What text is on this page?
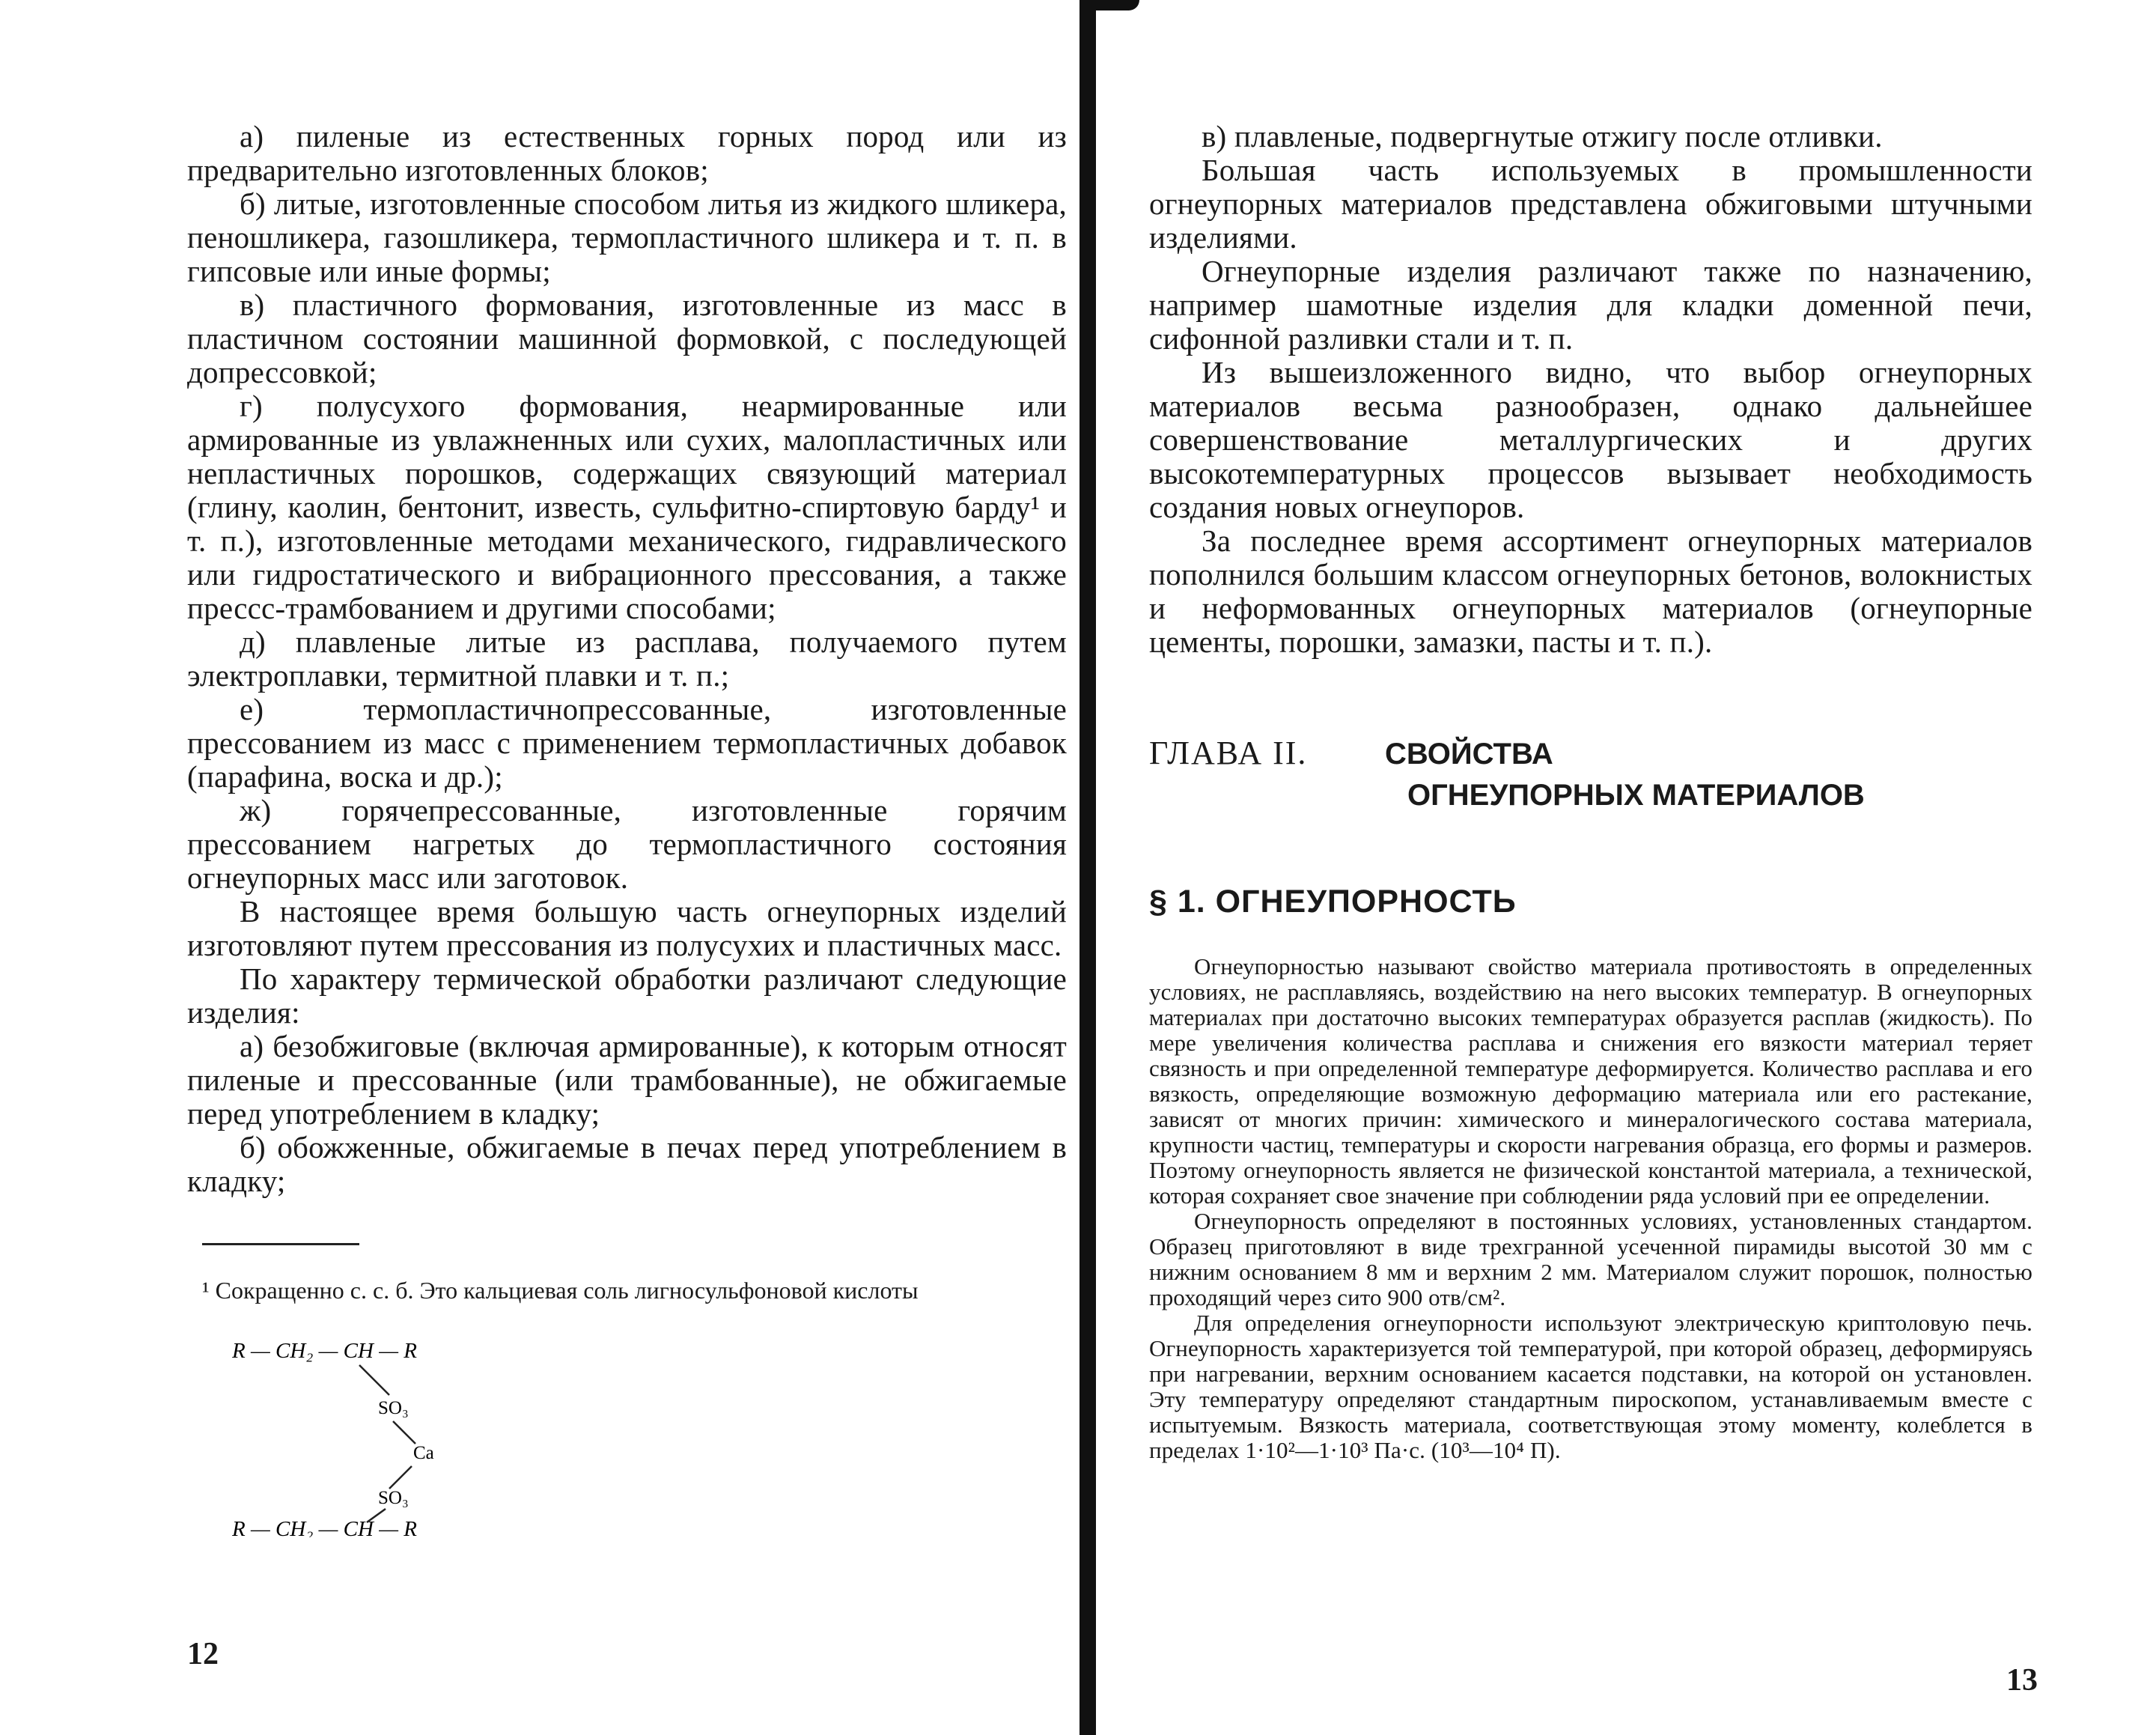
а) пиленые из естественных горных пород или из предварительно изготовленных блоков;

б) литые, изготовленные способом литья из жидкого шликера, пеношликера, газошликера, термопластичного шликера и т. п. в гипсовые или иные формы;

в) пластичного формования, изготовленные из масс в пластичном состоянии машинной формовкой, с последующей допрессовкой;

г) полусухого формования, неармированные или армированные из увлажненных или сухих, малопластичных или непластичных порошков, содержащих связующий материал (глину, каолин, бентонит, известь, сульфитно-спиртовую барду¹ и т. п.), изготовленные методами механического, гидравлического или гидростатического и вибрационного прессования, а также прессс-трамбованием и другими способами;

д) плавленые литые из расплава, получаемого путем электроплавки, термитной плавки и т. п.;

е) термопластичнопрессованные, изготовленные прессованием из масс с применением термопластичных добавок (парафина, воска и др.);

ж) горячепрессованные, изготовленные горячим прессованием нагретых до термопластичного состояния огнеупорных масс или заготовок.

В настоящее время большую часть огнеупорных изделий изготовляют путем прессования из полусухих и пластичных масс.

По характеру термической обработки различают следующие изделия:

а) безобжиговые (включая армированные), к которым относят пиленые и прессованные (или трамбованные), не обжигаемые перед употреблением в кладку;

б) обожженные, обжигаемые в печах перед употреблением в кладку;

¹ Сокращенно с. с. б. Это кальциевая соль лигносульфоновой кислоты

R — CH₂ — CH — R
SO₃
Ca
SO₃
R — CH₂ — CH — R
12

в) плавленые, подвергнутые отжигу после отливки.

Большая часть используемых в промышленности огнеупорных материалов представлена обжиговыми штучными изделиями.

Огнеупорные изделия различают также по назначению, например шамотные изделия для кладки доменной печи, сифонной разливки стали и т. п.

Из вышеизложенного видно, что выбор огнеупорных материалов весьма разнообразен, однако дальнейшее совершенствование металлургических и других высокотемпературных процессов вызывает необходимость создания новых огнеупоров.

За последнее время ассортимент огнеупорных материалов пополнился большим классом огнеупорных бетонов, волокнистых и неформованных огнеупорных материалов (огнеупорные цементы, порошки, замазки, пасты и т. п.).

ГЛАВА II.	СВОЙСТВА
ОГНЕУПОРНЫХ МАТЕРИАЛОВ
§ 1. ОГНЕУПОРНОСТЬ

Огнеупорностью называют свойство материала противостоять в определенных условиях, не расплавляясь, воздействию на него высоких температур. В огнеупорных материалах при достаточно высоких температурах образуется расплав (жидкость). По мере увеличения количества расплава и снижения его вязкости материал теряет связность и при определенной температуре деформируется. Количество расплава и его вязкость, определяющие возможную деформацию материала или его растекание, зависят от многих причин: химического и минералогического состава материала, крупности частиц, температуры и скорости нагревания образца, его формы и размеров. Поэтому огнеупорность является не физической константой материала, а технической, которая сохраняет свое значение при соблюдении ряда условий при ее определении.

Огнеупорность определяют в постоянных условиях, установленных стандартом. Образец приготовляют в виде трехгранной усеченной пирамиды высотой 30 мм с нижним основанием 8 мм и верхним 2 мм. Материалом служит порошок, полностью проходящий через сито 900 отв/см².

Для определения огнеупорности используют электрическую криптоловую печь. Огнеупорность характеризуется той температурой, при которой образец, деформируясь при нагревании, верхним основанием касается подставки, на которой он установлен. Эту температуру определяют стандартным пироскопом, устанавливаемым вместе с испытуемым. Вязкость материала, соответствующая этому моменту, колеблется в пределах 1·10²—1·10³ Па·с. (10³—10⁴ П).

13
